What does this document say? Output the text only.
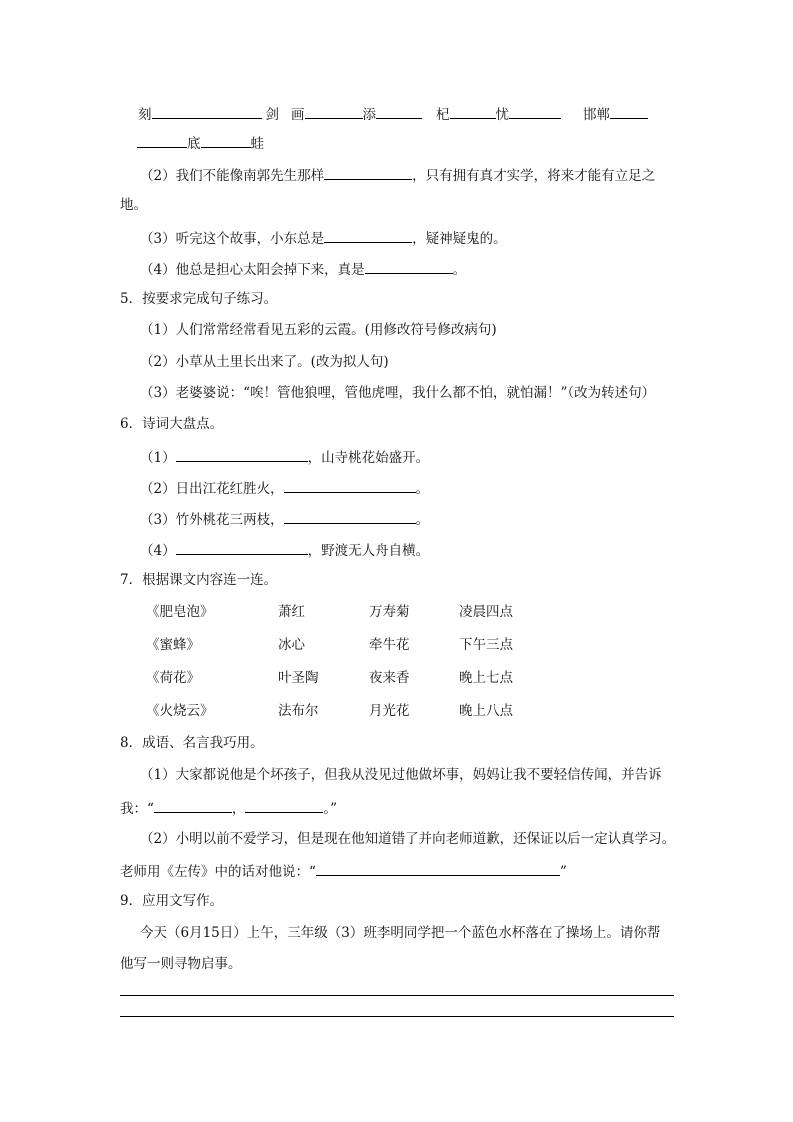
刻	剑 画	添	杞	忧	邯郸
底	蛙
（2）我们不能像南郭先生那样	，只有拥有真才实学，将来才能有立足之
地。
（3）听完这个故事，小东总是	，疑神疑鬼的。
（4）他总是担心太阳会掉下来，真是	。
5．按要求完成句子练习。
（1）人们常常经常看见五彩的云霞。(用修改符号修改病句)
（2）小草从土里长出来了。(改为拟人句)
（3）老婆婆说：“唉！管他狼哩，管他虎哩，我什么都不怕，就怕漏！”（改为转述句）
6．诗词大盘点。
（1）	，山寺桃花始盛开。
（2）日出江花红胜火，	。
（3）竹外桃花三两枝，	。
（4）	，野渡无人舟自横。
7．根据课文内容连一连。
《肥皂泡》	萧红	万寿菊	凌晨四点
《蜜蜂》	冰心	牵牛花	下午三点
《荷花》	叶圣陶	夜来香	晚上七点
《火烧云》	法布尔	月光花	晚上八点
8．成语、名言我巧用。
（1）大家都说他是个坏孩子，但我从没见过他做坏事，妈妈让我不要轻信传闻，并告诉
我：“	，	。”
（2）小明以前不爱学习，但是现在他知道错了并向老师道歉，还保证以后一定认真学习。
老师用《左传》中的话对他说：“	”
9．应用文写作。
今天（6月15日）上午，三年级（3）班李明同学把一个蓝色水杯落在了操场上。请你帮
他写一则寻物启事。
